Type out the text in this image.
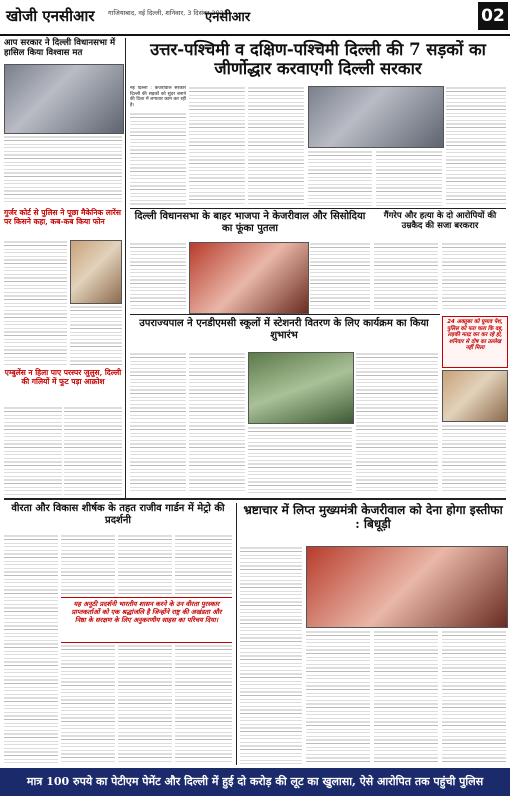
खोजी एनसीआर गाजियाबाद, नई दिल्ली, शनिवार, 3 दिसंबर 2022
एनसीआर	02
आप सरकार ने दिल्ली विधानसभा में हासिल किया विश्वास मत
गुर्जर कोर्ट से पुलिस ने पूछा मैकेनिक लारेंस पर किसने कहा, कब-कब किया फोन
एम्बुलेंस न हिला पाए परस्पर जुलुस, दिल्ली की गलियों में फूट पड़ा आक्रोश
उत्तर-पश्चिमी व दक्षिण-पश्चिमी दिल्ली की 7 सड़कों का जीर्णोद्धार करवाएगी दिल्ली सरकार
नई दिल्ली : केजरीवाल सरकार दिल्ली की सड़कों को सुंदर बनाने की दिशा में लगातार काम कर रही है।
दिल्ली विधानसभा के बाहर भाजपा ने केजरीवाल और सिसोदिया का फूंका पुतला
गैंगरेप और हत्या के दो आरोपियों की उम्रकैद की सजा बरकरार
24 अक्तूबर को घुमाव पेश, पुलिस को पता चला कि वह, लड़की मतद्र कर कर रहे हो, शनिवार से दोष का उल्लेख नहीं मिला
उपराज्यपाल ने एनडीएमसी स्कूलों में स्टेशनरी वितरण के लिए कार्यक्रम का किया शुभारंभ
वीरता और विकास शीर्षक के तहत राजीव गार्डन में मेट्रो की प्रदर्शनी
यह अनूठी प्रदर्शनी भारतीय शासन करने के उन वीरता पुरस्कार प्राप्तकर्ताओं को एक श्रद्धांजलि है जिन्होंने राष्ट्र की अखंडता और निष्ठा के सरक्षण के लिए अनुकरणीय साहस का परिचय दिया।
भ्रष्टाचार में लिप्त मुख्यमंत्री केजरीवाल को देना होगा इस्तीफा : बिधूड़ी
मात्र 100 रुपये का पेटीएम पेमेंट और दिल्ली में हुई दो करोड़ की लूट का खुलासा, ऐसे आरोपित तक पहुंची पुलिस
